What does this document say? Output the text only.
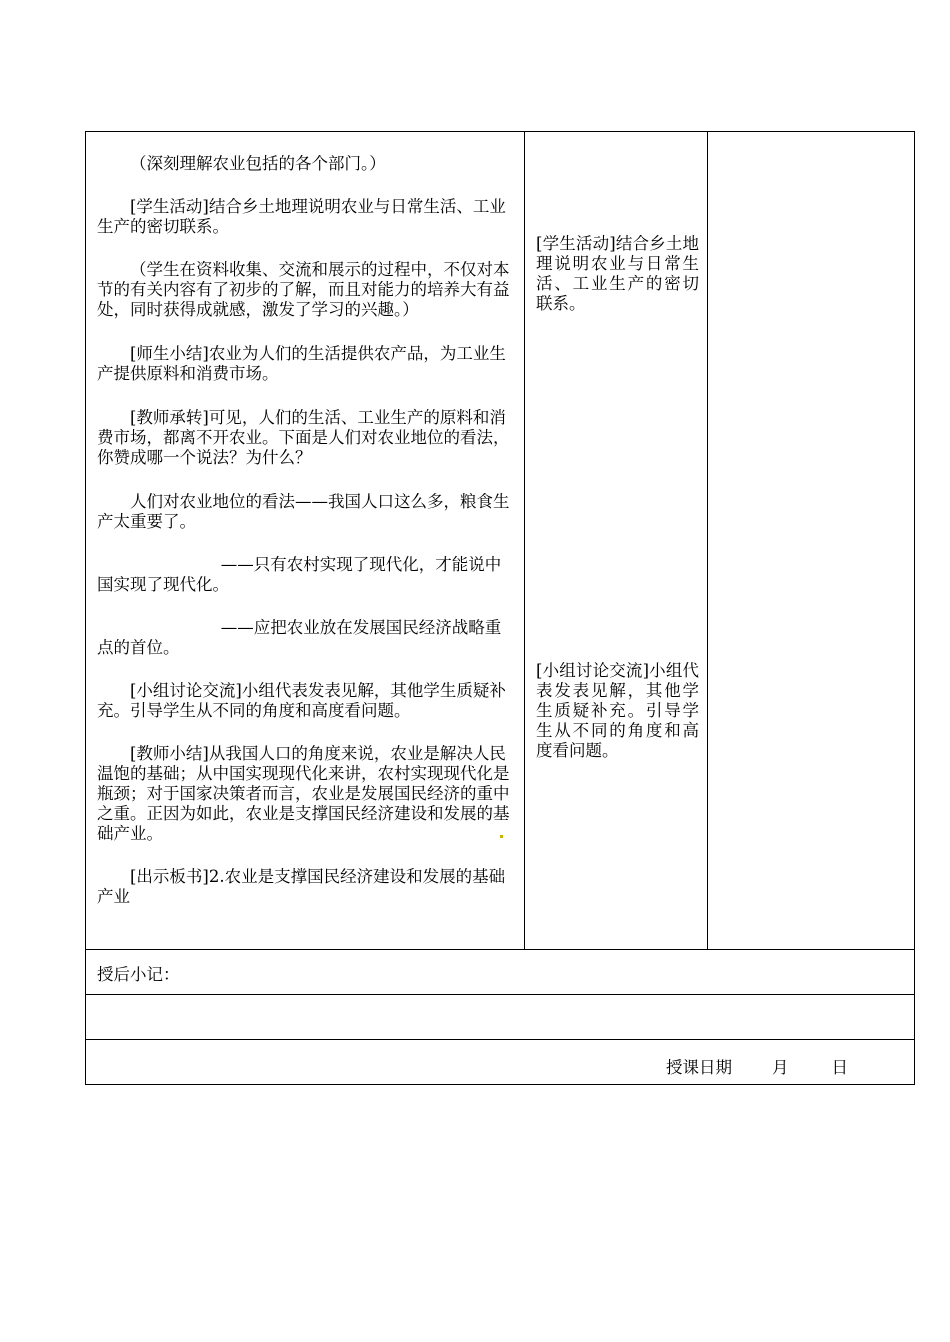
（深刻理解农业包括的各个部门。）

[学生活动]结合乡土地理说明农业与日常生活、工业生产的密切联系。

（学生在资料收集、交流和展示的过程中，不仅对本节的有关内容有了初步的了解，而且对能力的培养大有益处，同时获得成就感，激发了学习的兴趣。）

[师生小结]农业为人们的生活提供农产品，为工业生产提供原料和消费市场。

[教师承转]可见，人们的生活、工业生产的原料和消费市场，都离不开农业。下面是人们对农业地位的看法，你赞成哪一个说法？为什么？

人们对农业地位的看法——我国人口这么多，粮食生产太重要了。

——只有农村实现了现代化，才能说中国实现了现代化。

——应把农业放在发展国民经济战略重点的首位。

[小组讨论交流]小组代表发表见解，其他学生质疑补充。引导学生从不同的角度和高度看问题。

[教师小结]从我国人口的角度来说，农业是解决人民温饱的基础；从中国实现现代化来讲，农村实现现代化是瓶颈；对于国家决策者而言，农业是发展国民经济的重中之重。正因为如此，农业是支撑国民经济建设和发展的基础产业。

[出示板书]2.农业是支撑国民经济建设和发展的基础产业

[学生活动]结合乡土地理说明农业与日常生活、工业生产的密切联系。

[小组讨论交流]小组代表发表见解，其他学生质疑补充。引导学生从不同的角度和高度看问题。

授后小记：
授课日期 月	日
